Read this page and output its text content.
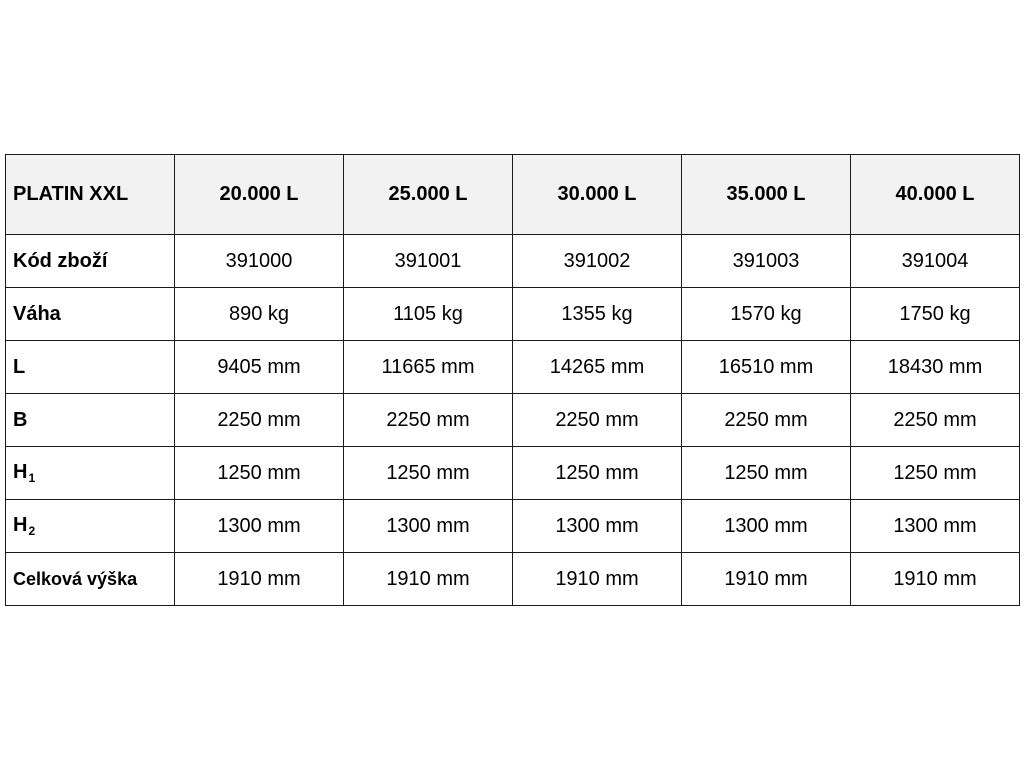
PLATIN XXL	20.000 L	25.000 L	30.000 L	35.000 L	40.000 L
Kód zboží	391000	391001	391002	391003	391004
Váha	890 kg	1105 kg	1355 kg	1570 kg	1750 kg
L	9405 mm	11665 mm	14265 mm	16510 mm	18430 mm
B	2250 mm	2250 mm	2250 mm	2250 mm	2250 mm
$H_1$	1250 mm	1250 mm	1250 mm	1250 mm	1250 mm
$H_2$	1300 mm	1300 mm	1300 mm	1300 mm	1300 mm
Celková výška	1910 mm	1910 mm	1910 mm	1910 mm	1910 mm
